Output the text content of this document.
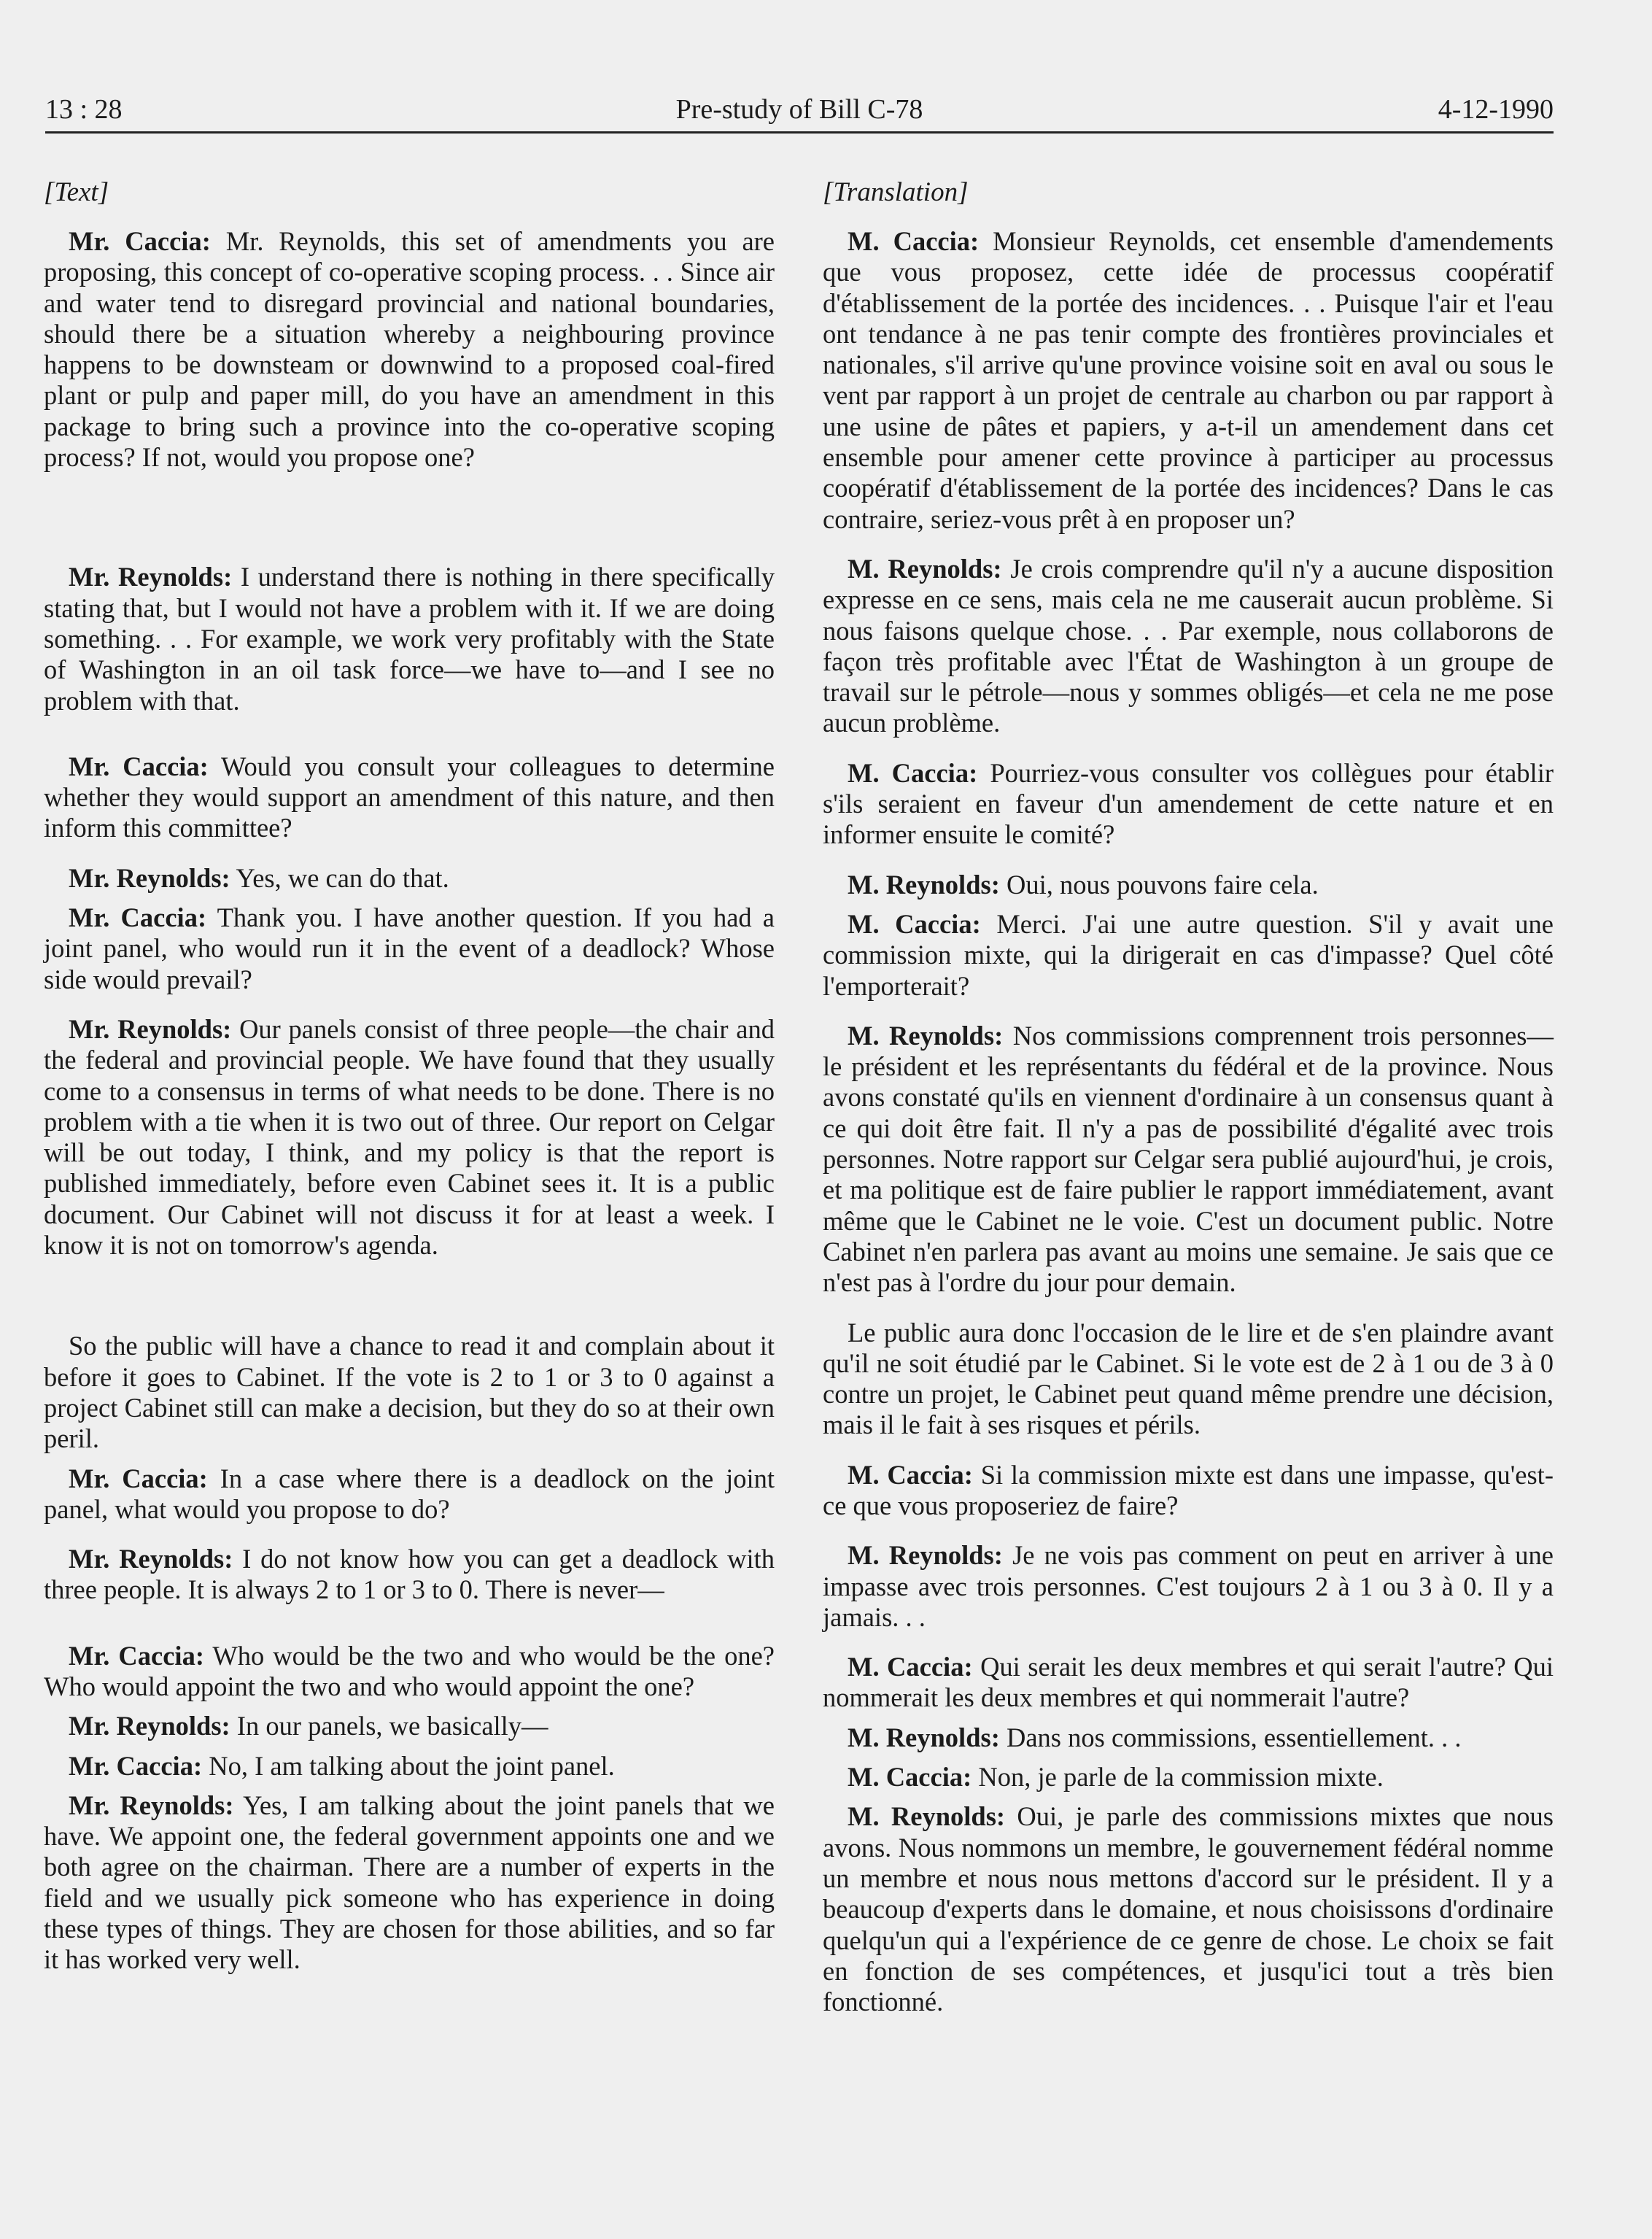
13 : 28	Pre-study of Bill C-78	4-12-1990
[Text]

Mr. Caccia: Mr. Reynolds, this set of amendments you are proposing, this concept of co-operative scoping process. . . Since air and water tend to disregard provincial and national boundaries, should there be a situation whereby a neighbouring province happens to be downsteam or downwind to a proposed coal-fired plant or pulp and paper mill, do you have an amendment in this package to bring such a province into the co-operative scoping process? If not, would you propose one?

Mr. Reynolds: I understand there is nothing in there specifically stating that, but I would not have a problem with it. If we are doing something. . . For example, we work very profitably with the State of Washington in an oil task force—we have to—and I see no problem with that.

Mr. Caccia: Would you consult your colleagues to determine whether they would support an amendment of this nature, and then inform this committee?

Mr. Reynolds: Yes, we can do that.

Mr. Caccia: Thank you. I have another question. If you had a joint panel, who would run it in the event of a deadlock? Whose side would prevail?

Mr. Reynolds: Our panels consist of three people—the chair and the federal and provincial people. We have found that they usually come to a consensus in terms of what needs to be done. There is no problem with a tie when it is two out of three. Our report on Celgar will be out today, I think, and my policy is that the report is published immediately, before even Cabinet sees it. It is a public document. Our Cabinet will not discuss it for at least a week. I know it is not on tomorrow's agenda.

So the public will have a chance to read it and complain about it before it goes to Cabinet. If the vote is 2 to 1 or 3 to 0 against a project Cabinet still can make a decision, but they do so at their own peril.

Mr. Caccia: In a case where there is a deadlock on the joint panel, what would you propose to do?

Mr. Reynolds: I do not know how you can get a deadlock with three people. It is always 2 to 1 or 3 to 0. There is never—

Mr. Caccia: Who would be the two and who would be the one? Who would appoint the two and who would appoint the one?

Mr. Reynolds: In our panels, we basically—

Mr. Caccia: No, I am talking about the joint panel.

Mr. Reynolds: Yes, I am talking about the joint panels that we have. We appoint one, the federal government appoints one and we both agree on the chairman. There are a number of experts in the field and we usually pick someone who has experience in doing these types of things. They are chosen for those abilities, and so far it has worked very well.

[Translation]

M. Caccia: Monsieur Reynolds, cet ensemble d'amendements que vous proposez, cette idée de processus coopératif d'établissement de la portée des incidences. . . Puisque l'air et l'eau ont tendance à ne pas tenir compte des frontières provinciales et nationales, s'il arrive qu'une province voisine soit en aval ou sous le vent par rapport à un projet de centrale au charbon ou par rapport à une usine de pâtes et papiers, y a-t-il un amendement dans cet ensemble pour amener cette province à participer au processus coopératif d'établissement de la portée des incidences? Dans le cas contraire, seriez-vous prêt à en proposer un?

M. Reynolds: Je crois comprendre qu'il n'y a aucune disposition expresse en ce sens, mais cela ne me causerait aucun problème. Si nous faisons quelque chose. . . Par exemple, nous collaborons de façon très profitable avec l'État de Washington à un groupe de travail sur le pétrole—nous y sommes obligés—et cela ne me pose aucun problème.

M. Caccia: Pourriez-vous consulter vos collègues pour établir s'ils seraient en faveur d'un amendement de cette nature et en informer ensuite le comité?

M. Reynolds: Oui, nous pouvons faire cela.

M. Caccia: Merci. J'ai une autre question. S'il y avait une commission mixte, qui la dirigerait en cas d'impasse? Quel côté l'emporterait?

M. Reynolds: Nos commissions comprennent trois personnes—le président et les représentants du fédéral et de la province. Nous avons constaté qu'ils en viennent d'ordinaire à un consensus quant à ce qui doit être fait. Il n'y a pas de possibilité d'égalité avec trois personnes. Notre rapport sur Celgar sera publié aujourd'hui, je crois, et ma politique est de faire publier le rapport immédiatement, avant même que le Cabinet ne le voie. C'est un document public. Notre Cabinet n'en parlera pas avant au moins une semaine. Je sais que ce n'est pas à l'ordre du jour pour demain.

Le public aura donc l'occasion de le lire et de s'en plaindre avant qu'il ne soit étudié par le Cabinet. Si le vote est de 2 à 1 ou de 3 à 0 contre un projet, le Cabinet peut quand même prendre une décision, mais il le fait à ses risques et périls.

M. Caccia: Si la commission mixte est dans une impasse, qu'est-ce que vous proposeriez de faire?

M. Reynolds: Je ne vois pas comment on peut en arriver à une impasse avec trois personnes. C'est toujours 2 à 1 ou 3 à 0. Il y a jamais. . .

M. Caccia: Qui serait les deux membres et qui serait l'autre? Qui nommerait les deux membres et qui nommerait l'autre?

M. Reynolds: Dans nos commissions, essentiellement. . .

M. Caccia: Non, je parle de la commission mixte.

M. Reynolds: Oui, je parle des commissions mixtes que nous avons. Nous nommons un membre, le gouvernement fédéral nomme un membre et nous nous mettons d'accord sur le président. Il y a beaucoup d'experts dans le domaine, et nous choisissons d'ordinaire quelqu'un qui a l'expérience de ce genre de chose. Le choix se fait en fonction de ses compétences, et jusqu'ici tout a très bien fonctionné.
